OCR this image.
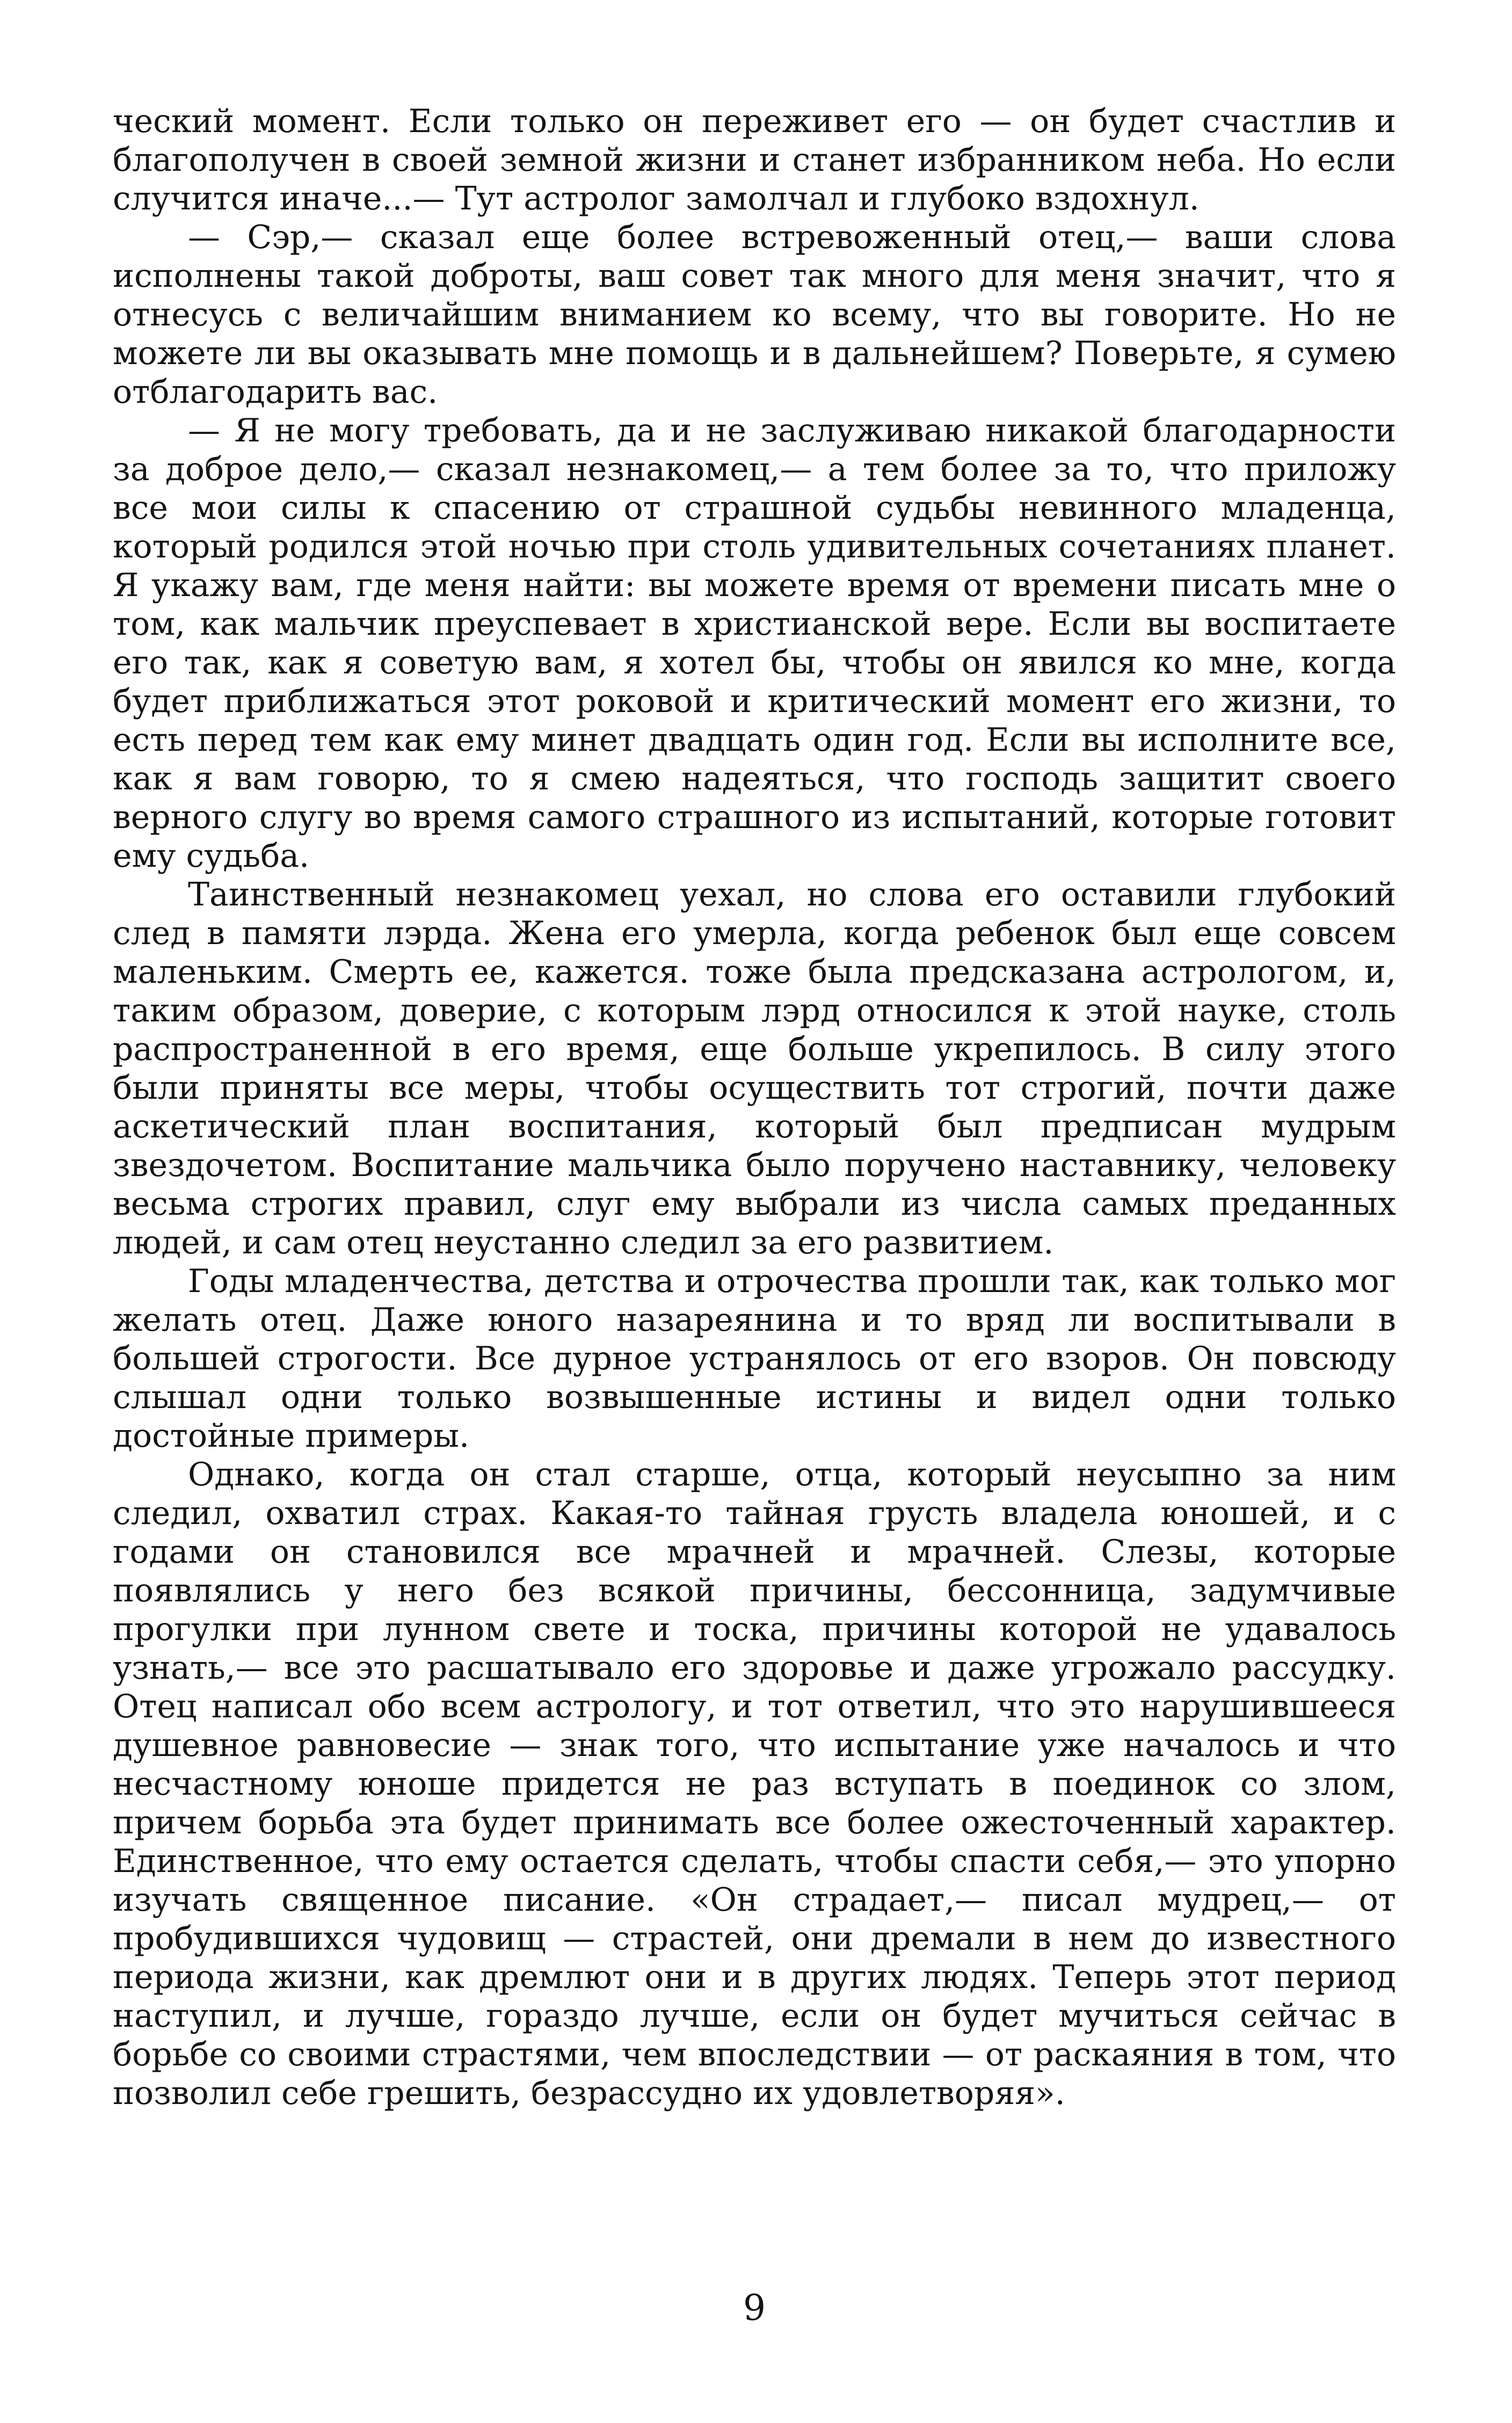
ческий момент. Если только он переживет его — он будет счастлив и благополучен в своей земной жизни и станет избранником неба. Но если случится иначе...— Тут астролог замолчал и глубоко вздохнул.

— Сэр,— сказал еще более встревоженный отец,— ваши слова исполнены такой доброты, ваш совет так много для меня значит, что я отнесусь с величайшим вниманием ко всему, что вы говорите. Но не можете ли вы оказывать мне помощь и в дальнейшем? Поверьте, я сумею отблагодарить вас.

— Я не могу требовать, да и не заслуживаю никакой благодарности за доброе дело,— сказал незнакомец,— а тем более за то, что приложу все мои силы к спасению от страшной судьбы невинного младенца, который родился этой ночью при столь удивительных сочетаниях планет. Я укажу вам, где меня найти: вы можете время от времени писать мне о том, как мальчик преуспевает в христианской вере. Если вы воспитаете его так, как я советую вам, я хотел бы, чтобы он явился ко мне, когда будет приближаться этот роковой и критический момент его жизни, то есть перед тем как ему минет двадцать один год. Если вы исполните все, как я вам говорю, то я смею надеяться, что господь защитит своего верного слугу во время самого страшного из испытаний, которые готовит ему судьба.

Таинственный незнакомец уехал, но слова его оставили глубокий след в памяти лэрда. Жена его умерла, когда ребенок был еще совсем маленьким. Смерть ее, кажется. тоже была предсказана астрологом, и, таким образом, доверие, с которым лэрд относился к этой науке, столь распространенной в его время, еще больше укрепилось. В силу этого были приняты все меры, чтобы осуществить тот строгий, почти даже аскетический план воспитания, который был предписан мудрым звездочетом. Воспитание мальчика было поручено наставнику, человеку весьма строгих правил, слуг ему выбрали из числа самых преданных людей, и сам отец неустанно следил за его развитием.

Годы младенчества, детства и отрочества прошли так, как только мог желать отец. Даже юного назареянина и то вряд ли воспитывали в большей строгости. Все дурное устранялось от его взоров. Он повсюду слышал одни только возвышенные истины и видел одни только достойные примеры.

Однако, когда он стал старше, отца, который неусыпно за ним следил, охватил страх. Какая-то тайная грусть владела юношей, и с годами он становился все мрачней и мрачней. Слезы, которые появлялись у него без всякой причины, бессонница, задумчивые прогулки при лунном свете и тоска, причины которой не удавалось узнать,— все это расшатывало его здоровье и даже угрожало рассудку. Отец написал обо всем астрологу, и тот ответил, что это нарушившееся душевное равновесие — знак того, что испытание уже началось и что несчастному юноше придется не раз вступать в поединок со злом, причем борьба эта будет принимать все более ожесточенный характер. Единственное, что ему остается сделать, чтобы спасти себя,— это упорно изучать священное писание. «Он страдает,— писал мудрец,— от пробудившихся чудовищ — страстей, они дремали в нем до известного периода жизни, как дремлют они и в других людях. Теперь этот период наступил, и лучше, гораздо лучше, если он будет мучиться сейчас в борьбе со своими страстями, чем впоследствии — от раскаяния в том, что позволил себе грешить, безрассудно их удовлетворяя».

9
